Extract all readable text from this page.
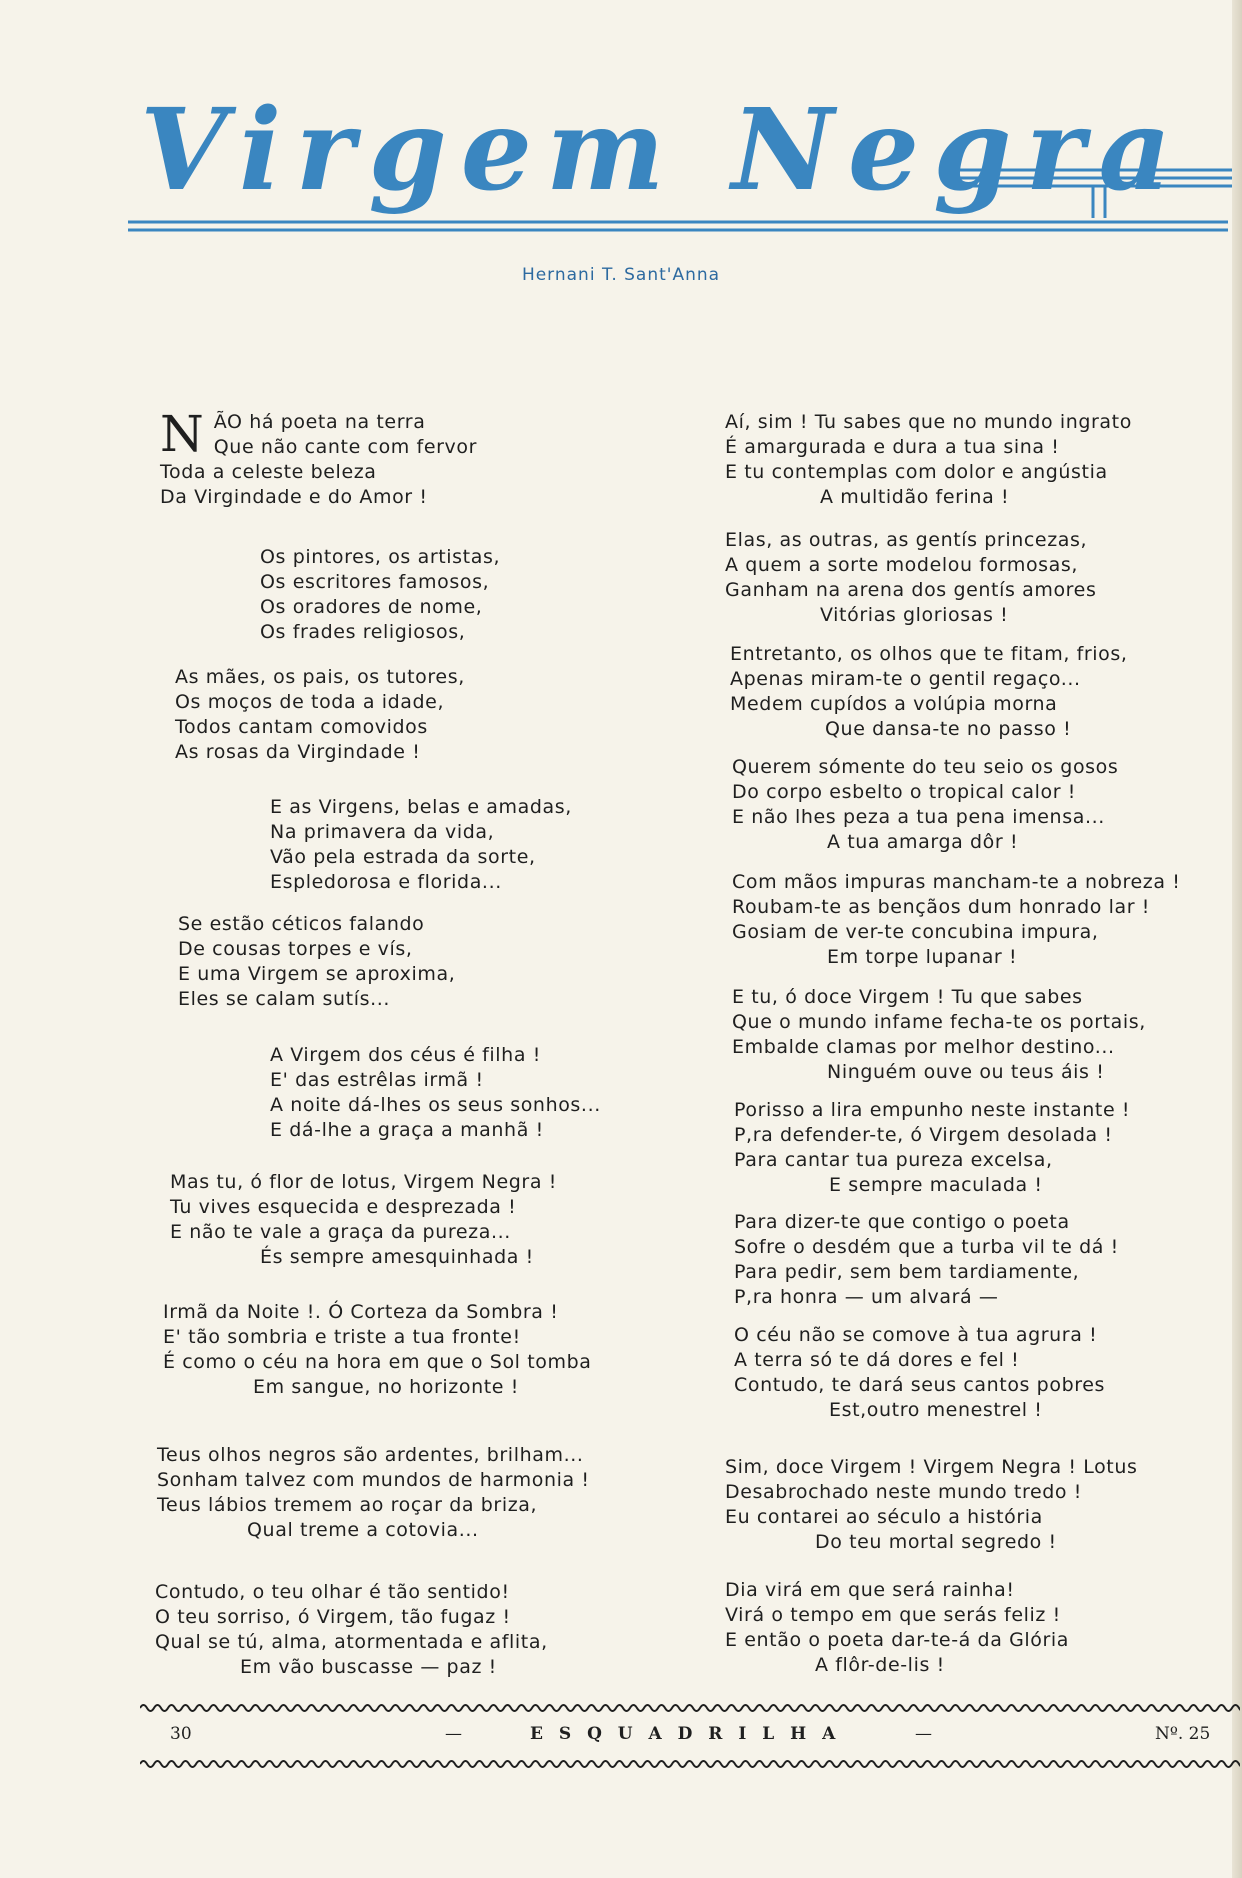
Virgem Negra
Hernani T. Sant'Anna
N ÃO há poeta na terra
Que não cante com fervor
Toda a celeste beleza
Da Virgindade e do Amor !
Os pintores, os artistas,
Os escritores famosos,
Os oradores de nome,
Os frades religiosos,
As mães, os pais, os tutores,
Os moços de toda a idade,
Todos cantam comovidos
As rosas da Virgindade !
E as Virgens, belas e amadas,
Na primavera da vida,
Vão pela estrada da sorte,
Espledorosa e florida...
Se estão céticos falando
De cousas torpes e vís,
E uma Virgem se aproxima,
Eles se calam sutís...
A Virgem dos céus é filha !
E' das estrêlas irmã !
A noite dá-lhes os seus sonhos...
E dá-lhe a graça a manhã !
Mas tu, ó flor de lotus, Virgem Negra !
Tu vives esquecida e desprezada !
E não te vale a graça da pureza...
És sempre amesquinhada !
Irmã da Noite !. Ó Corteza da Sombra !
E' tão sombria e triste a tua fronte!
É como o céu na hora em que o Sol tomba
Em sangue, no horizonte !
Teus olhos negros são ardentes, brilham...
Sonham talvez com mundos de harmonia !
Teus lábios tremem ao roçar da briza,
Qual treme a cotovia...
Contudo, o teu olhar é tão sentido!
O teu sorriso, ó Virgem, tão fugaz !
Qual se tú, alma, atormentada e aflita,
Em vão buscasse — paz !
Aí, sim ! Tu sabes que no mundo ingrato
É amargurada e dura a tua sina !
E tu contemplas com dolor e angústia
A multidão ferina !
Elas, as outras, as gentís princezas,
A quem a sorte modelou formosas,
Ganham na arena dos gentís amores
Vitórias gloriosas !
Entretanto, os olhos que te fitam, frios,
Apenas miram-te o gentil regaço...
Medem cupídos a volúpia morna
Que dansa-te no passo !
Querem sómente do teu seio os gosos
Do corpo esbelto o tropical calor !
E não lhes peza a tua pena imensa...
A tua amarga dôr !
Com mãos impuras mancham-te a nobreza !
Roubam-te as bençãos dum honrado lar !
Gosiam de ver-te concubina impura,
Em torpe lupanar !
E tu, ó doce Virgem ! Tu que sabes
Que o mundo infame fecha-te os portais,
Embalde clamas por melhor destino...
Ninguém ouve ou teus áis !
Porisso a lira empunho neste instante !
P,ra defender-te, ó Virgem desolada !
Para cantar tua pureza excelsa,
E sempre maculada !
Para dizer-te que contigo o poeta
Sofre o desdém que a turba vil te dá !
Para pedir, sem bem tardiamente,
P,ra honra — um alvará —
O céu não se comove à tua agrura !
A terra só te dá dores e fel !
Contudo, te dará seus cantos pobres
Est,outro menestrel !
Sim, doce Virgem ! Virgem Negra ! Lotus
Desabrochado neste mundo tredo !
Eu contarei ao século a história
Do teu mortal segredo !
Dia virá em que será rainha!
Virá o tempo em que serás feliz !
E então o poeta dar-te-á da Glória
A flôr-de-lis !
30	—	E S Q U A D R I L H A	—	Nº. 25
